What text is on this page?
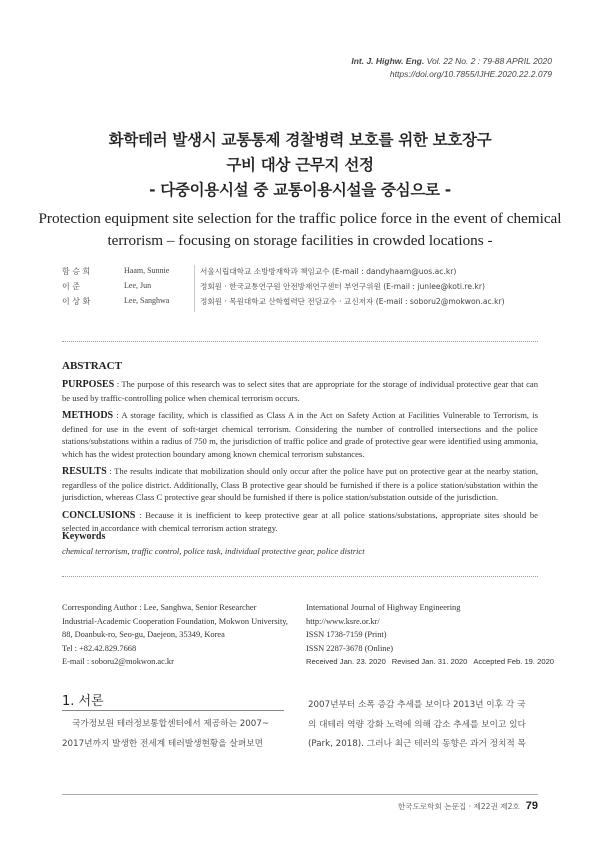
Int. J. Highw. Eng. Vol. 22 No. 2 : 79-88 APRIL 2020
https://doi.org/10.7855/IJHE.2020.22.2.079
화학테러 발생시 교통통제 경찰병력 보호를 위한 보호장구
구비 대상 근무지 선정
- 다중이용시설 중 교통이용시설을 중심으로 -
Protection equipment site selection for the traffic police force in the event of chemical
terrorism – focusing on storage facilities in crowded locations -
함 승 희	Haam, Sunnie	서울시립대학교 소방방재학과 책임교수 (E-mail : dandyhaam@uos.ac.kr)
이 준	Lee, Jun	정회원 · 한국교통연구원 안전방재연구센터 부연구위원 (E-mail : junlee@koti.re.kr)
이 상 화	Lee, Sanghwa	정회원 · 목원대학교 산학협력단 전담교수 · 교신저자 (E-mail : soboru2@mokwon.ac.kr)
ABSTRACT

PURPOSES : The purpose of this research was to select sites that are appropriate for the storage of individual protective gear that can be used by traffic-controlling police when chemical terrorism occurs.

METHODS : A storage facility, which is classified as Class A in the Act on Safety Action at Facilities Vulnerable to Terrorism, is defined for use in the event of soft-target chemical terrorism. Considering the number of controlled intersections and the police stations/substations within a radius of 750 m, the jurisdiction of traffic police and grade of protective gear were identified using ammonia, which has the widest protection boundary among known chemical terrorism substances.

RESULTS : The results indicate that mobilization should only occur after the police have put on protective gear at the nearby station, regardless of the police district. Additionally, Class B protective gear should be furnished if there is a police station/substation within the jurisdiction, whereas Class C protective gear should be furnished if there is police station/substation outside of the jurisdiction.

CONCLUSIONS : Because it is inefficient to keep protective gear at all police stations/substations, appropriate sites should be selected in accordance with chemical terrorism action strategy.

Keywords
chemical terrorism, traffic control, police task, individual protective gear, police district
Corresponding Author : Lee, Sanghwa, Senior Researcher
Industrial-Academic Cooperation Foundation, Mokwon University,
88, Doanbuk-ro, Seo-gu, Daejeon, 35349, Korea
Tel : +82.42.829.7668
E-mail : soboru2@mokwon.ac.kr
International Journal of Highway Engineering
http://www.ksre.or.kr/
ISSN 1738-7159 (Print)
ISSN 2287-3678 (Online)
Received Jan. 23. 2020 Revised Jan. 31. 2020 Accepted Feb. 19. 2020
1. 서론
국가정보원 테러정보통합센터에서 제공하는 2007~
2017년까지 발생한 전세계 테러발생현황을 살펴보면
2007년부터 소폭 증감 추세를 보이다 2013년 이후 각 국
의 대테러 역량 강화 노력에 의해 감소 추세를 보이고 있다
(Park, 2018). 그러나 최근 테러의 동향은 과거 정치적 목
한국도로학회 논문집 · 제22권 제2호 79
